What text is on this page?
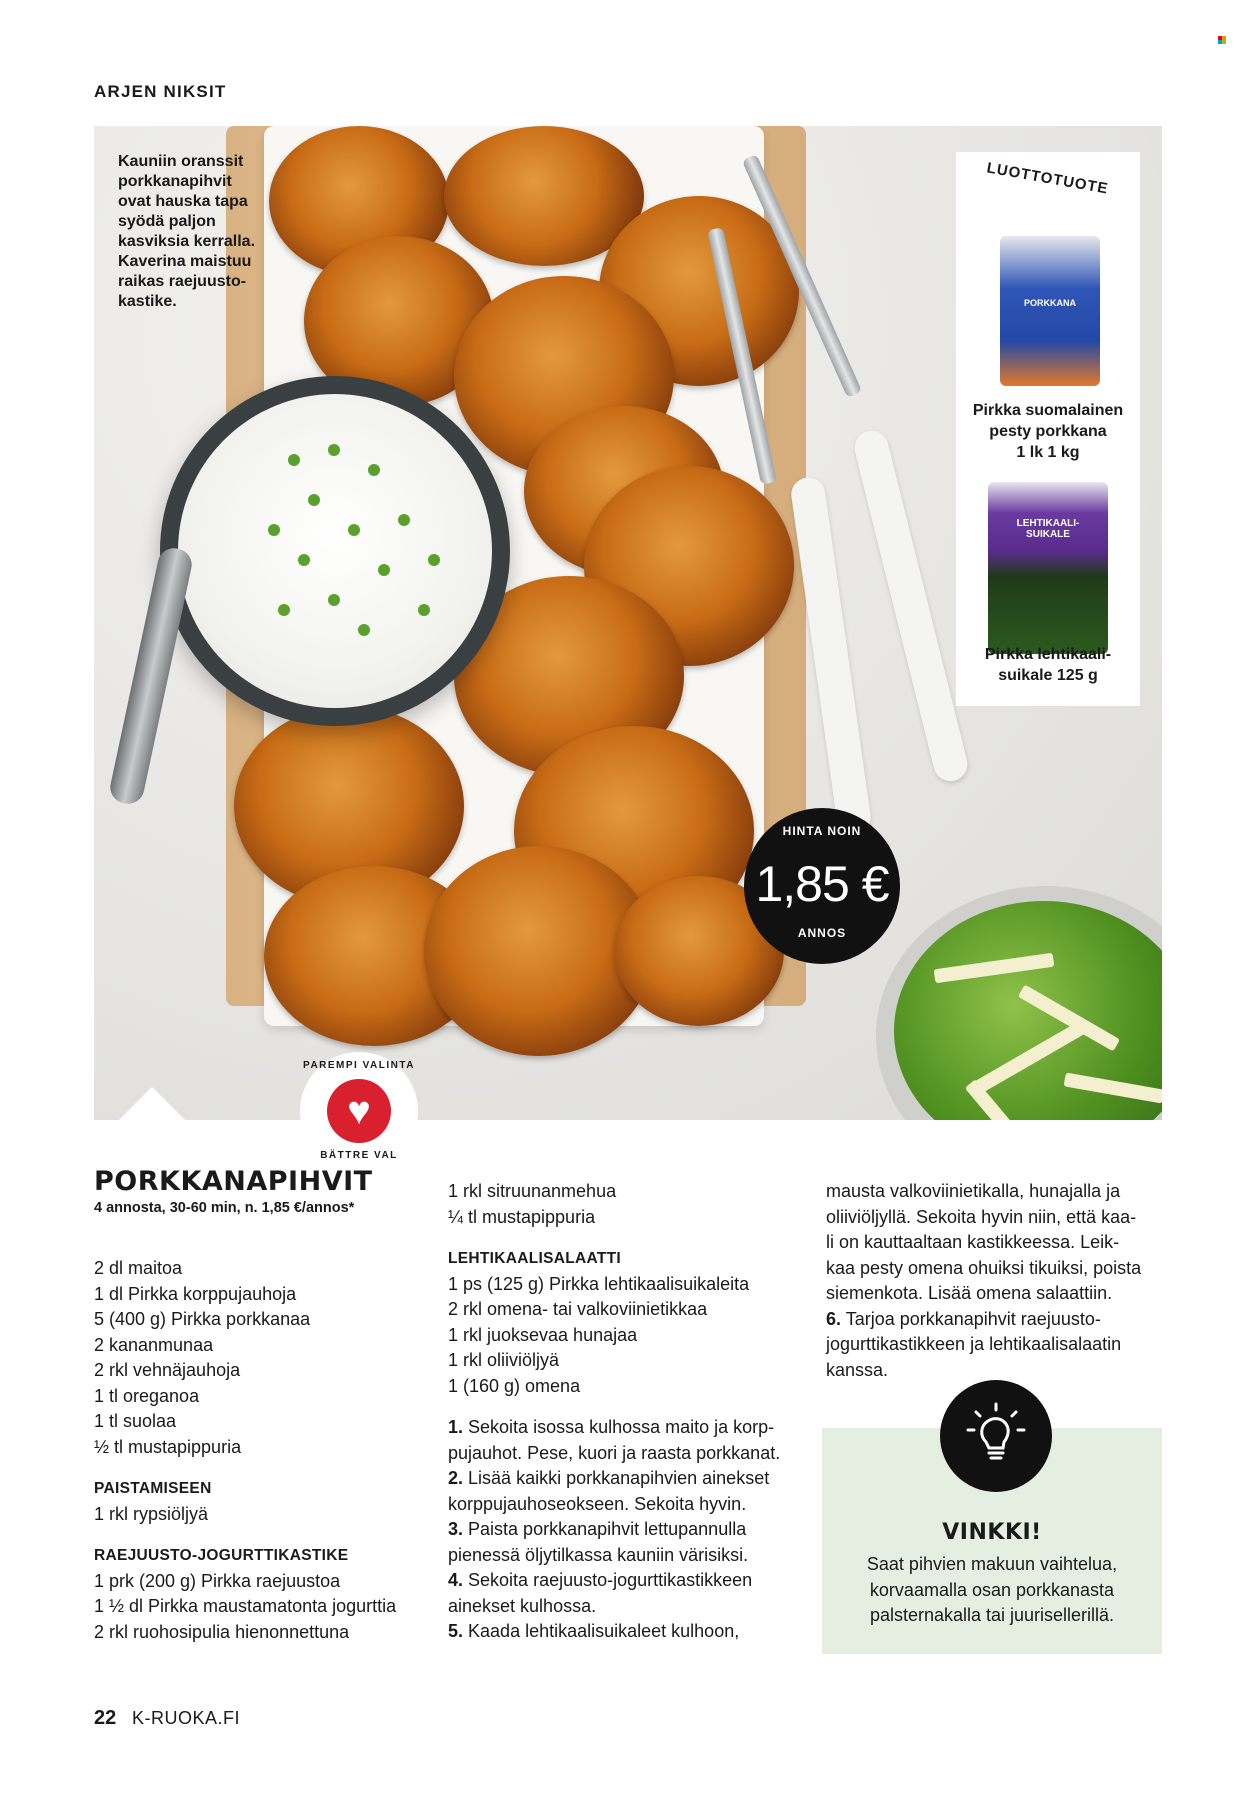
ARJEN NIKSIT
Kauniin oranssit
porkkanapihvit
ovat hauska tapa
syödä paljon
kasviksia kerralla.
Kaverina maistuu
raikas raejuusto-
kastike.
LUOTTOTUOTE
PORKKANA
Pirkka suomalainen
pesty porkkana
1 lk 1 kg
LEHTIKAALI-
SUIKALE
Pirkka lehtikaali-
suikale 125 g
HINTA NOIN
1,85 €
ANNOS
PAREMPI VALINTA
♥
BÄTTRE VAL
PORKKANAPIHVIT
4 annosta, 30-60 min, n. 1,85 €/annos*

2 dl maitoa

1 dl Pirkka korppujauhoja

5 (400 g) Pirkka porkkanaa

2 kananmunaa

2 rkl vehnäjauhoja

1 tl oreganoa

1 tl suolaa

½ tl mustapippuria

PAISTAMISEEN

1 rkl rypsiöljyä

RAEJUUSTO-JOGURTTIKASTIKE

1 prk (200 g) Pirkka raejuustoa

1 ½ dl Pirkka maustamatonta jogurttia

2 rkl ruohosipulia hienonnettuna

1 rkl sitruunanmehua

¼ tl mustapippuria

LEHTIKAALISALAATTI

1 ps (125 g) Pirkka lehtikaalisuikaleita

2 rkl omena- tai valkoviinietikkaa

1 rkl juoksevaa hunajaa

1 rkl oliiviöljyä

1 (160 g) omena

1. Sekoita isossa kulhossa maito ja korp-

pujauhot. Pese, kuori ja raasta porkkanat.

2. Lisää kaikki porkkanapihvien ainekset

korppujauhoseokseen. Sekoita hyvin.

3. Paista porkkanapihvit lettupannulla

pienessä öljytilkassa kauniin värisiksi.

4. Sekoita raejuusto-jogurttikastikkeen

ainekset kulhossa.

5. Kaada lehtikaalisuikaleet kulhoon,

mausta valkoviinietikalla, hunajalla ja

oliiviöljyllä. Sekoita hyvin niin, että kaa-

li on kauttaaltaan kastikkeessa. Leik-

kaa pesty omena ohuiksi tikuiksi, poista

siemenkotа. Lisää omena salaattiin.

6. Tarjoa porkkanapihvit raejuusto-

jogurttikastikkeen ja lehtikaalisalaatin

kanssa.

VINKKI!
Saat pihvien makuun vaihtelua,
korvaamalla osan porkkanasta
palsternakalla tai juurisellerillä.
22 K-RUOKA.FI
